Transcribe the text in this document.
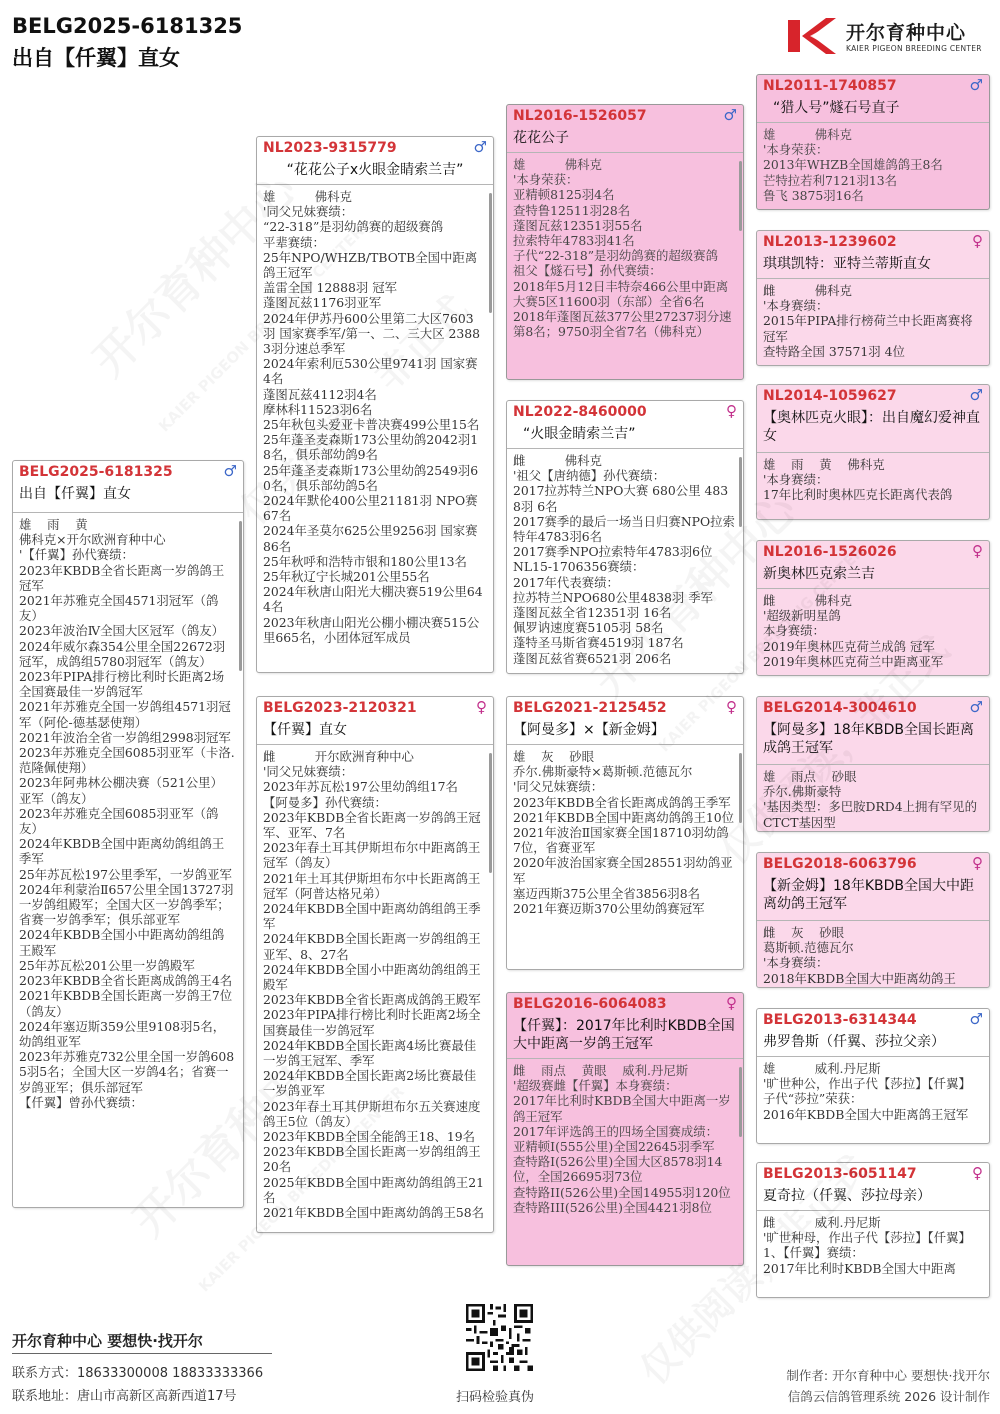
BELG2025-6181325
出自【仟翼】直女
开尔育种中心
KAIER PIGEON BREEDING CENTER
BELG2025-6181325	♂
出自【仟翼】直女
雄    雨    黄
佛科克×开尔欧洲育种中心
'【仟翼】孙代赛绩：
2023年KBDB全省长距离一岁鸽鸽王冠军
2021年苏雅克全国4571羽冠军（鸽友）
2023年波治Ⅳ全国大区冠军（鸽友）
2024年威尔森354公里全国22672羽冠军，成鸽组5780羽冠军（鸽友）
2023年PIPA排行榜比利时长距离2场全国赛最佳一岁鸽冠军
2021年苏雅克全国一岁鸽组4571羽冠军（阿伦-德基瑟使翔）
2021年波治全省一岁鸽组2998羽冠军
2023年苏雅克全国6085羽亚军（卡洛.范隆佩使翔）
2023年阿弗林公棚决赛（521公里）亚军（鸽友）
2023年苏雅克全国6085羽亚军（鸽友）
2024年KBDB全国中距离幼鸽组鸽王季军
25年苏瓦松197公里季军，一岁鸽亚军
2024年利蒙治Ⅱ657公里全国13727羽一岁鸽组殿军；全国大区一岁鸽季军；省赛一岁鸽季军；俱乐部亚军
2024年KBDB全国小中距离幼鸽组鸽王殿军
25年苏瓦松201公里一岁鸽殿军
2023年KBDB全省长距离成鸽鸽王4名
2021年KBDB全国长距离一岁鸽王7位（鸽友）
2024年塞迈斯359公里9108羽5名，幼鸽组亚军
2023年苏雅克732公里全国一岁鸽6085羽5名；全国大区一岁鸽4名；省赛一岁鸽亚军；俱乐部冠军
【仟翼】曾孙代赛绩：
NL2023-9315779	♂
“花花公子x火眼金睛索兰吉”
雄          佛科克
'同父兄妹赛绩：
“22-318”是羽幼鸽赛的超级赛鸽
平辈赛绩：
25年NPO/WHZB/TBOTB全国中距离鸽王冠军
盖雷全国 12888羽 冠军
蓬图瓦兹1176羽亚军
2024年伊苏丹600公里第二大区7603羽 国家赛季军/第一、二、三大区 23883羽分速总季军
2024年索利厄530公里9741羽 国家赛4名
蓬图瓦兹4112羽4名
摩林科11523羽6名
25年秋包头爱亚卡普决赛499公里15名
25年蓬圣麦森斯173公里幼鸽2042羽18名，俱乐部幼鸽9名
25年蓬圣麦森斯173公里幼鸽2549羽60名，俱乐部幼鸽5名
2024年默伦400公里21181羽 NPO赛67名
2024年圣莫尔625公里9256羽 国家赛86名
25年秋呼和浩特市银和180公里13名
25年秋辽宁长城201公里55名
2024年秋唐山阳光大棚决赛519公里644名
2023年秋唐山阳光公棚小棚决赛515公里665名，小团体冠军成员
BELG2023-2120321	♀
【仟翼】直女
雌          开尔欧洲育种中心
'同父兄妹赛绩：
2023年苏瓦松197公里幼鸽组17名
【阿曼多】孙代赛绩：
2023年KBDB全省长距离一岁鸽鸽王冠军、亚军、7名
2023年春土耳其伊斯坦布尔中距离鸽王冠军（鸽友）
2021年土耳其伊斯坦布尔中长距离鸽王冠军（阿普达格兄弟）
2024年KBDB全国中距离幼鸽组鸽王季军
2024年KBDB全国长距离一岁鸽组鸽王亚军、8、27名
2024年KBDB全国小中距离幼鸽组鸽王殿军
2023年KBDB全省长距离成鸽鸽王殿军
2023年PIPA排行榜比利时长距离2场全国赛最佳一岁鸽冠军
2024年KBDB全国长距离4场比赛最佳一岁鸽王冠军、季军
2024年KBDB全国长距离2场比赛最佳一岁鸽亚军
2023年春土耳其伊斯坦布尔五关赛速度鸽王5位（鸽友）
2023年KBDB全国全能鸽王18、19名
2023年KBDB全国长距离一岁鸽组鸽王20名
2025年KBDB全国中距离幼鸽组鸽王21名
2021年KBDB全国中距离幼鸽鸽王58名
NL2016-1526057	♂
花花公子
雄          佛科克
'本身荣获：
亚精顿8125羽4名
查特鲁12511羽28名
蓬图瓦兹12351羽55名
拉索特年4783羽41名
子代“22-318”是羽幼鸽赛的超级赛鸽
祖父【燧石号】孙代赛绩：
2018年5月12日丰特奈466公里中距离大赛5区11600羽（东部）全省6名
2018年蓬图瓦兹377公里27237羽分速第8名；9750羽全省7名（佛科克）
NL2022-8460000	♀
“火眼金睛索兰吉”
雌          佛科克
'祖父【唐纳德】孙代赛绩：
2017拉苏特兰NPO大赛 680公里 4838羽 6名
2017赛季的最后一场当日归赛NPO拉索特年4783羽6名
2017赛季NPO拉索特年4783羽6位
NL15-1706356赛绩：
2017年代表赛绩：
拉苏特兰NPO680公里4838羽 季军
蓬图瓦兹全省12351羽 16名
佩罗讷速度赛5105羽 58名
蓬特圣马斯省赛4519羽 187名
蓬图瓦兹省赛6521羽 206名
BELG2021-2125452	♀
【阿曼多】×【新金姆】
雄    灰    砂眼
乔尔.佛斯豪特×葛斯顿.范德瓦尔
'同父兄妹赛绩：
2023年KBDB全省长距离成鸽鸽王季军
2021年KBDB全国中距离幼鸽鸽王10位
2021年波治Ⅱ国家赛全国18710羽幼鸽7位，省赛亚军
2020年波治国家赛全国28551羽幼鸽亚军
塞迈西斯375公里全省3856羽8名
2021年赛迈斯370公里幼鸽赛冠军
BELG2016-6064083	♀
【仟翼】：2017年比利时KBDB全国大中距离一岁鸽王冠军
雌    雨点    黄眼    威利.丹尼斯
'超级赛雌【仟翼】本身赛绩：
2017年比利时KBDB全国大中距离一岁鸽王冠军
2017年评选鸽王的四场全国赛成绩：
亚精顿I(555公里)全国22645羽季军
查特路I(526公里)全国大区8578羽14位，全国26695羽73位
查特路II(526公里)全国14955羽120位
查特路III(526公里)全国4421羽8位
NL2011-1740857	♂
“猎人号”燧石号直子
雄          佛科克
'本身荣获：
2013年WHZB全国雄鸽鸽王8名
芒特拉若利7121羽13名
鲁飞 3875羽16名
NL2013-1239602	♀
琪琪凯特：亚特兰蒂斯直女
雌          佛科克
'本身赛绩：
2015年PIPA排行榜荷兰中长距离赛将冠军
查特路全国 37571羽 4位
NL2014-1059627	♂
【奥林匹克火眼】：出自魔幻爱神直女
雄    雨    黄    佛科克
'本身赛绩：
17年比利时奥林匹克长距离代表鸽
NL2016-1526026	♀
新奥林匹克索兰吉
雌          佛科克
'超级新明星鸽
本身赛绩：
2019年奥林匹克荷兰成鸽 冠军
2019年奥林匹克荷兰中距离亚军
BELG2014-3004610	♂
【阿曼多】18年KBDB全国长距离成鸽王冠军
雄    雨点    砂眼
乔尔.佛斯豪特
'基因类型：多巴胺DRD4上拥有罕见的CTCT基因型
BELG2018-6063796	♀
【新金姆】18年KBDB全国大中距离幼鸽王冠军
雌    灰    砂眼
葛斯顿.范德瓦尔
'本身赛绩：
2018年KBDB全国大中距离幼鸽王
BELG2013-6314344	♂
弗罗鲁斯（仟翼、莎拉父亲）
雄          威利.丹尼斯
'旷世种公，作出子代【莎拉】【仟翼】
子代“莎拉”荣获：
2016年KBDB全国大中距离鸽王冠军
BELG2013-6051147	♀
夏奇拉（仟翼、莎拉母亲）
雌          威利.丹尼斯
'旷世种母，作出子代【莎拉】【仟翼】
1、【仟翼】赛绩：
2017年比利时KBDB全国大中距离
开尔育种中心 要想快·找开尔
联系方式：18633300008 18833333366
联系地址：唐山市高新区高新西道17号	扫码检验真伪
制作者: 开尔育种中心 要想快·找开尔
信鸽云信鸽管理系统 2026 设计制作
